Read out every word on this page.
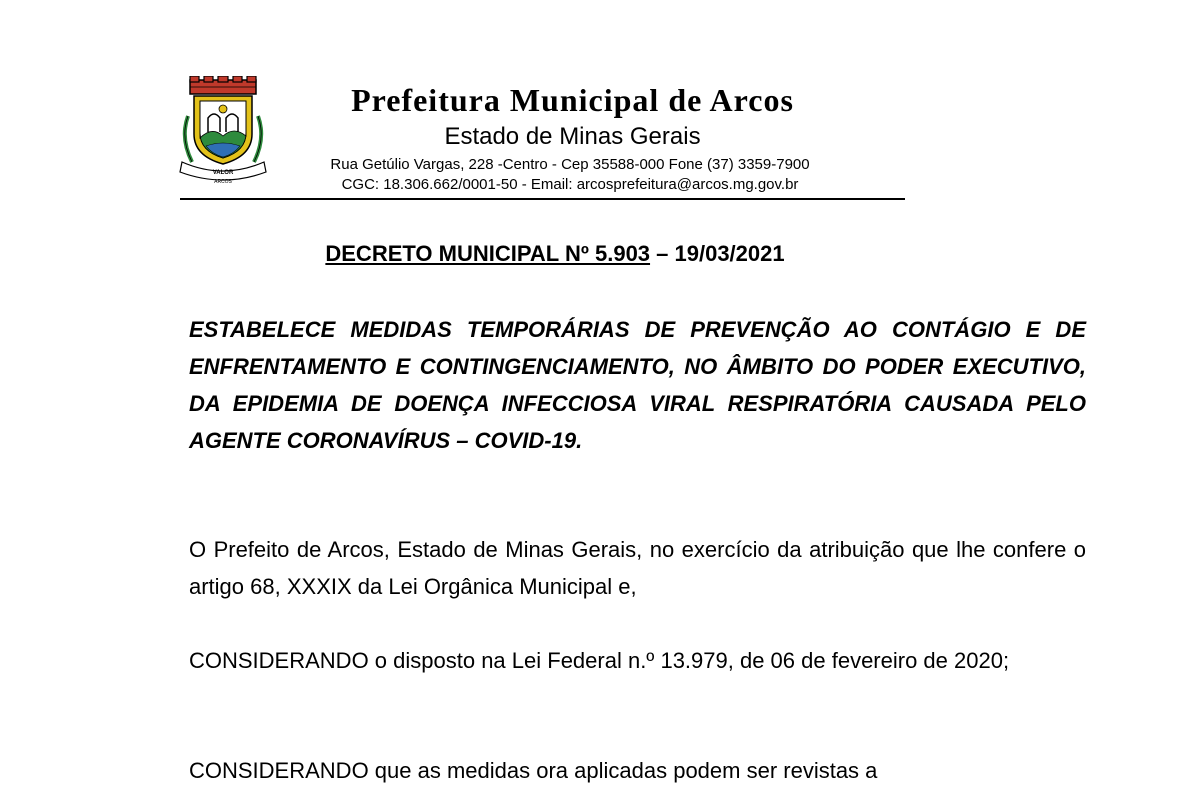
VALOR
ARCOS
Prefeitura Municipal de Arcos
Estado de Minas Gerais
Rua Getúlio Vargas, 228 -Centro - Cep 35588-000 Fone (37) 3359-7900
CGC: 18.306.662/0001-50 - Email: arcosprefeitura@arcos.mg.gov.br
DECRETO MUNICIPAL Nº 5.903 – 19/03/2021

ESTABELECE MEDIDAS TEMPORÁRIAS DE PREVENÇÃO AO CONTÁGIO E DE ENFRENTAMENTO E CONTINGENCIAMENTO, NO ÂMBITO DO PODER EXECUTIVO, DA EPIDEMIA DE DOENÇA INFECCIOSA VIRAL RESPIRATÓRIA CAUSADA PELO AGENTE CORONAVÍRUS – COVID-19.

O Prefeito de Arcos, Estado de Minas Gerais, no exercício da atribuição que lhe confere o artigo 68, XXXIX da Lei Orgânica Municipal e,

CONSIDERANDO o disposto na Lei Federal n.º 13.979, de 06 de fevereiro de 2020;

CONSIDERANDO que as medidas ora aplicadas podem ser revistas a
